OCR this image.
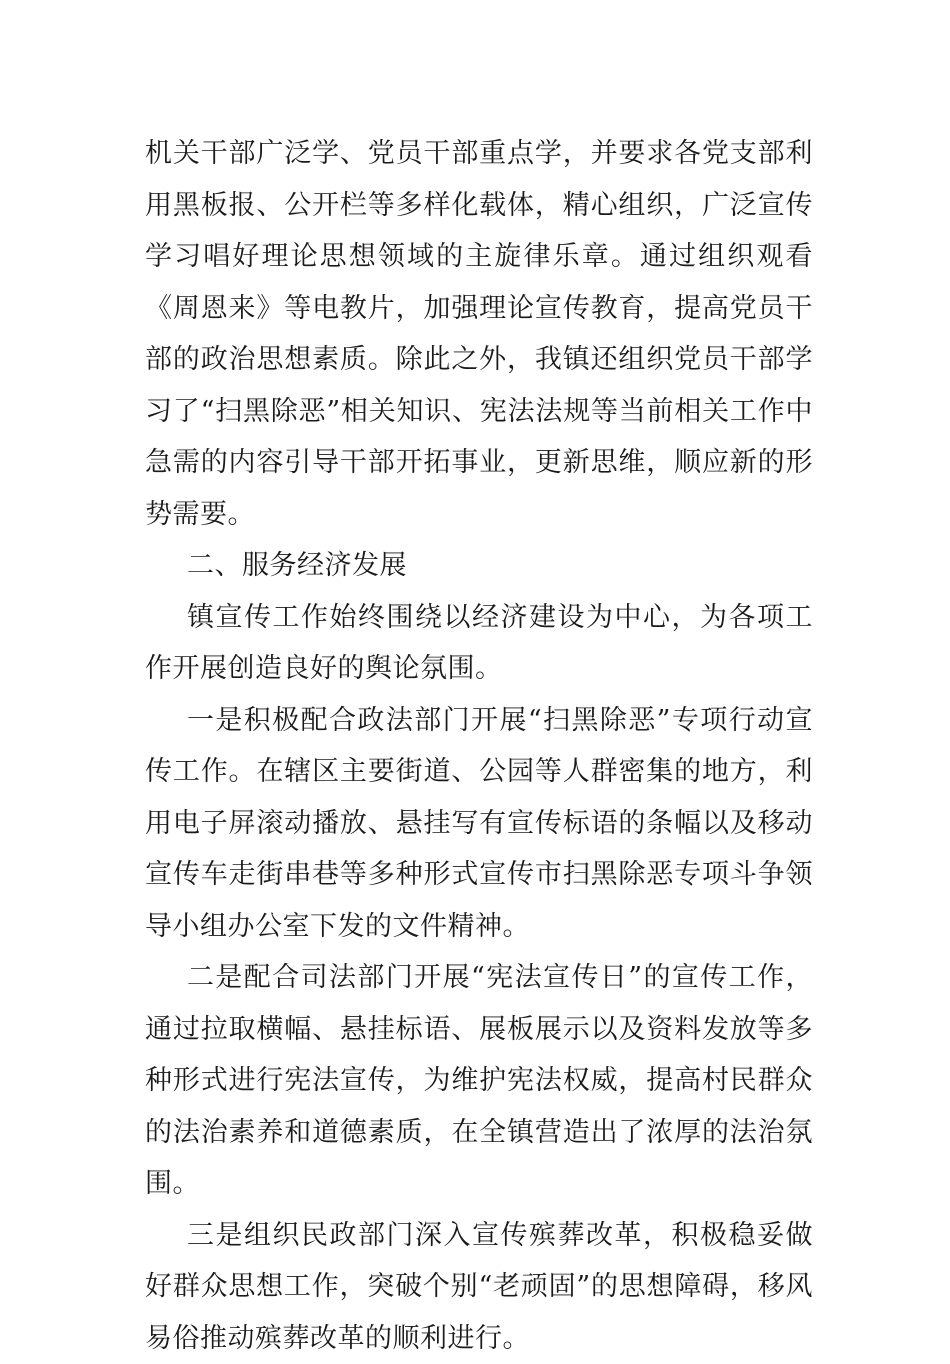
机关干部广泛学、党员干部重点学，并要求各党支部利用黑板报、公开栏等多样化载体，精心组织，广泛宣传学习唱好理论思想领域的主旋律乐章。通过组织观看《周恩来》等电教片，加强理论宣传教育，提高党员干部的政治思想素质。除此之外，我镇还组织党员干部学习了“扫黑除恶”相关知识、宪法法规等当前相关工作中急需的内容引导干部开拓事业，更新思维，顺应新的形势需要。

二、服务经济发展

镇宣传工作始终围绕以经济建设为中心，为各项工作开展创造良好的舆论氛围。

一是积极配合政法部门开展“扫黑除恶”专项行动宣传工作。在辖区主要街道、公园等人群密集的地方，利用电子屏滚动播放、悬挂写有宣传标语的条幅以及移动宣传车走街串巷等多种形式宣传市扫黑除恶专项斗争领导小组办公室下发的文件精神。

二是配合司法部门开展“宪法宣传日”的宣传工作，通过拉取横幅、悬挂标语、展板展示以及资料发放等多种形式进行宪法宣传，为维护宪法权威，提高村民群众的法治素养和道德素质，在全镇营造出了浓厚的法治氛围。

三是组织民政部门深入宣传殡葬改革，积极稳妥做好群众思想工作，突破个别“老顽固”的思想障碍，移风易俗推动殡葬改革的顺利进行。
